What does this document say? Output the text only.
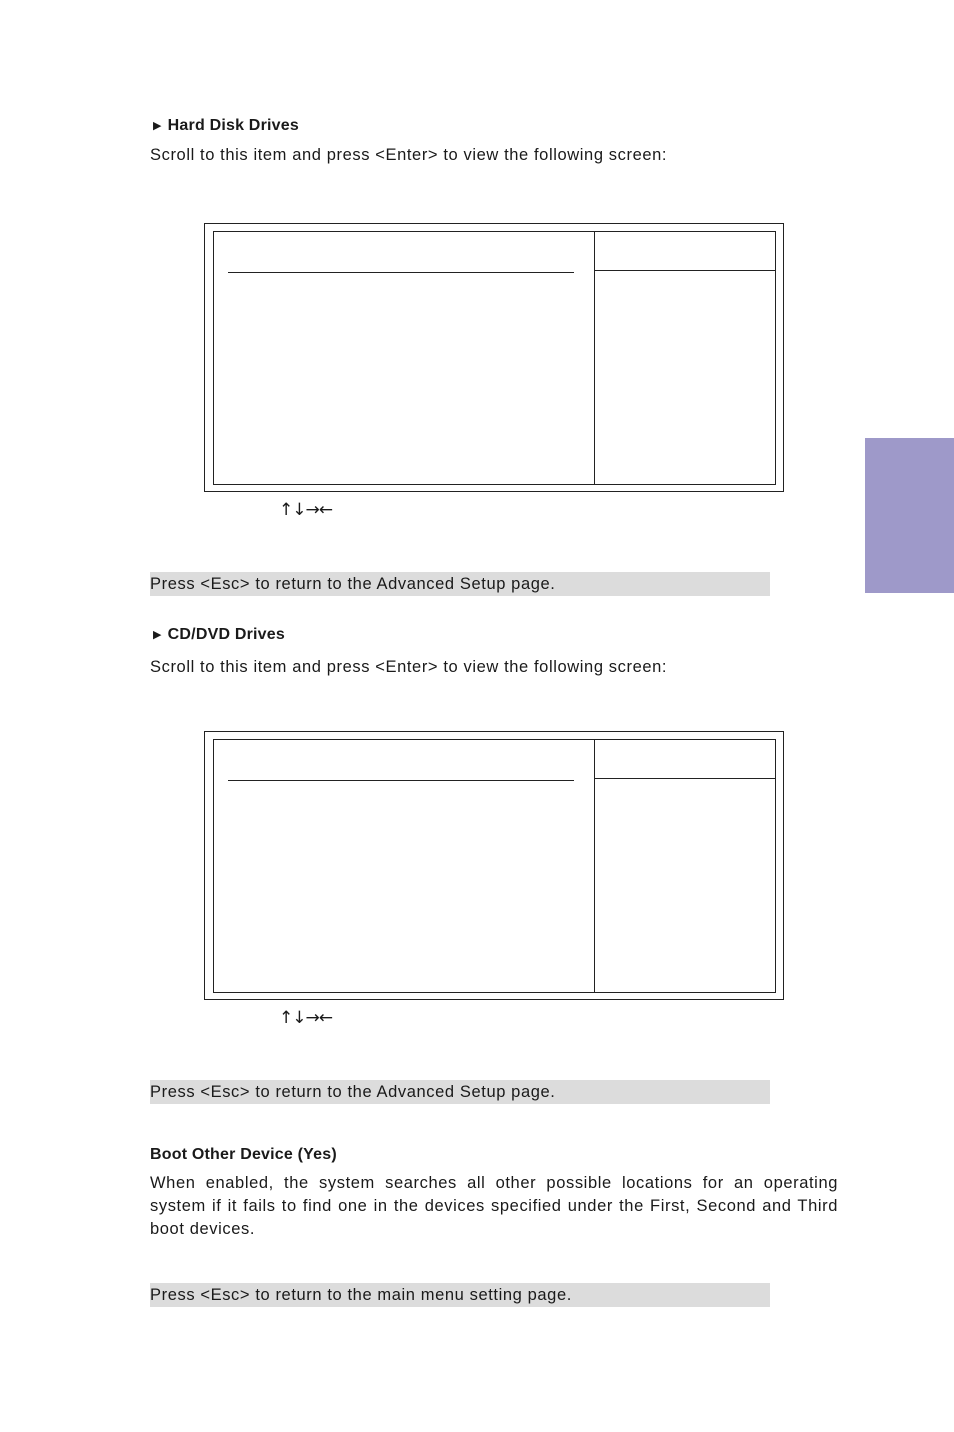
▶ Hard Disk Drives
Scroll to this item and press <Enter> to view the following screen:
↑↓→←
Press <Esc> to return to the Advanced Setup page.
▶ CD/DVD Drives
Scroll to this item and press <Enter> to view the following screen:
↑↓→←
Press <Esc> to return to the Advanced Setup page.
Boot Other Device (Yes)
When enabled, the system searches all other possible locations for an operating system if it fails to find one in the devices specified under the First, Second and Third boot devices.
Press <Esc> to return to the main menu setting page.
